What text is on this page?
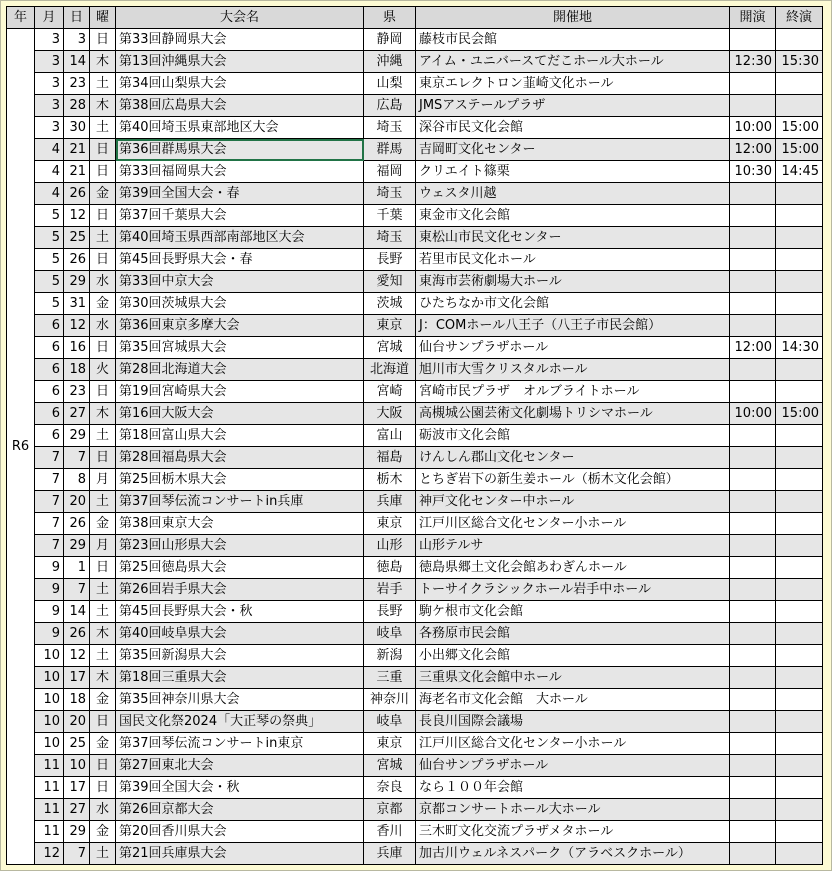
年	月	日	曜	大会名	県	開催地	開演	終演
R6	3	3	日	第33回静岡県大会	静岡	藤枝市民会館		
	3	14	木	第13回沖縄県大会	沖縄	アイム・ユニバースてだこホール大ホール	12:30	15:30
	3	23	土	第34回山梨県大会	山梨	東京エレクトロン韮崎文化ホール		
	3	28	木	第38回広島県大会	広島	JMSアステールプラザ		
	3	30	土	第40回埼玉県東部地区大会	埼玉	深谷市民文化会館	10:00	15:00
	4	21	日	第36回群馬県大会	群馬	吉岡町文化センター	12:00	15:00
	4	21	日	第33回福岡県大会	福岡	クリエイト篠栗	10:30	14:45
	4	26	金	第39回全国大会・春	埼玉	ウェスタ川越		
	5	12	日	第37回千葉県大会	千葉	東金市文化会館		
	5	25	土	第40回埼玉県西部南部地区大会	埼玉	東松山市民文化センター		
	5	26	日	第45回長野県大会・春	長野	若里市民文化ホール		
	5	29	水	第33回中京大会	愛知	東海市芸術劇場大ホール		
	5	31	金	第30回茨城県大会	茨城	ひたちなか市文化会館		
	6	12	水	第36回東京多摩大会	東京	J：COMホール八王子（八王子市民会館）		
	6	16	日	第35回宮城県大会	宮城	仙台サンプラザホール	12:00	14:30
	6	18	火	第28回北海道大会	北海道	旭川市大雪クリスタルホール		
	6	23	日	第19回宮崎県大会	宮崎	宮崎市民プラザ　オルブライトホール		
	6	27	木	第16回大阪大会	大阪	高槻城公園芸術文化劇場トリシマホール	10:00	15:00
	6	29	土	第18回富山県大会	富山	砺波市文化会館		
	7	7	日	第28回福島県大会	福島	けんしん郡山文化センター		
	7	8	月	第25回栃木県大会	栃木	とちぎ岩下の新生姜ホール（栃木文化会館）		
	7	20	土	第37回琴伝流コンサートin兵庫	兵庫	神戸文化センター中ホール		
	7	26	金	第38回東京大会	東京	江戸川区総合文化センター小ホール		
	7	29	月	第23回山形県大会	山形	山形テルサ		
	9	1	日	第25回徳島県大会	徳島	徳島県郷土文化会館あわぎんホール		
	9	7	土	第26回岩手県大会	岩手	トーサイクラシックホール岩手中ホール		
	9	14	土	第45回長野県大会・秋	長野	駒ケ根市文化会館		
	9	26	木	第40回岐阜県大会	岐阜	各務原市民会館		
	10	12	土	第35回新潟県大会	新潟	小出郷文化会館		
	10	17	木	第18回三重県大会	三重	三重県文化会館中ホール		
	10	18	金	第35回神奈川県大会	神奈川	海老名市文化会館　大ホール		
	10	20	日	国民文化祭2024「大正琴の祭典」	岐阜	長良川国際会議場		
	10	25	金	第37回琴伝流コンサートin東京	東京	江戸川区総合文化センター小ホール		
	11	10	日	第27回東北大会	宮城	仙台サンプラザホール		
	11	17	日	第39回全国大会・秋	奈良	なら１００年会館		
	11	27	水	第26回京都大会	京都	京都コンサートホール大ホール		
	11	29	金	第20回香川県大会	香川	三木町文化交流プラザメタホール		
	12	7	土	第21回兵庫県大会	兵庫	加古川ウェルネスパーク（アラベスクホール）		
